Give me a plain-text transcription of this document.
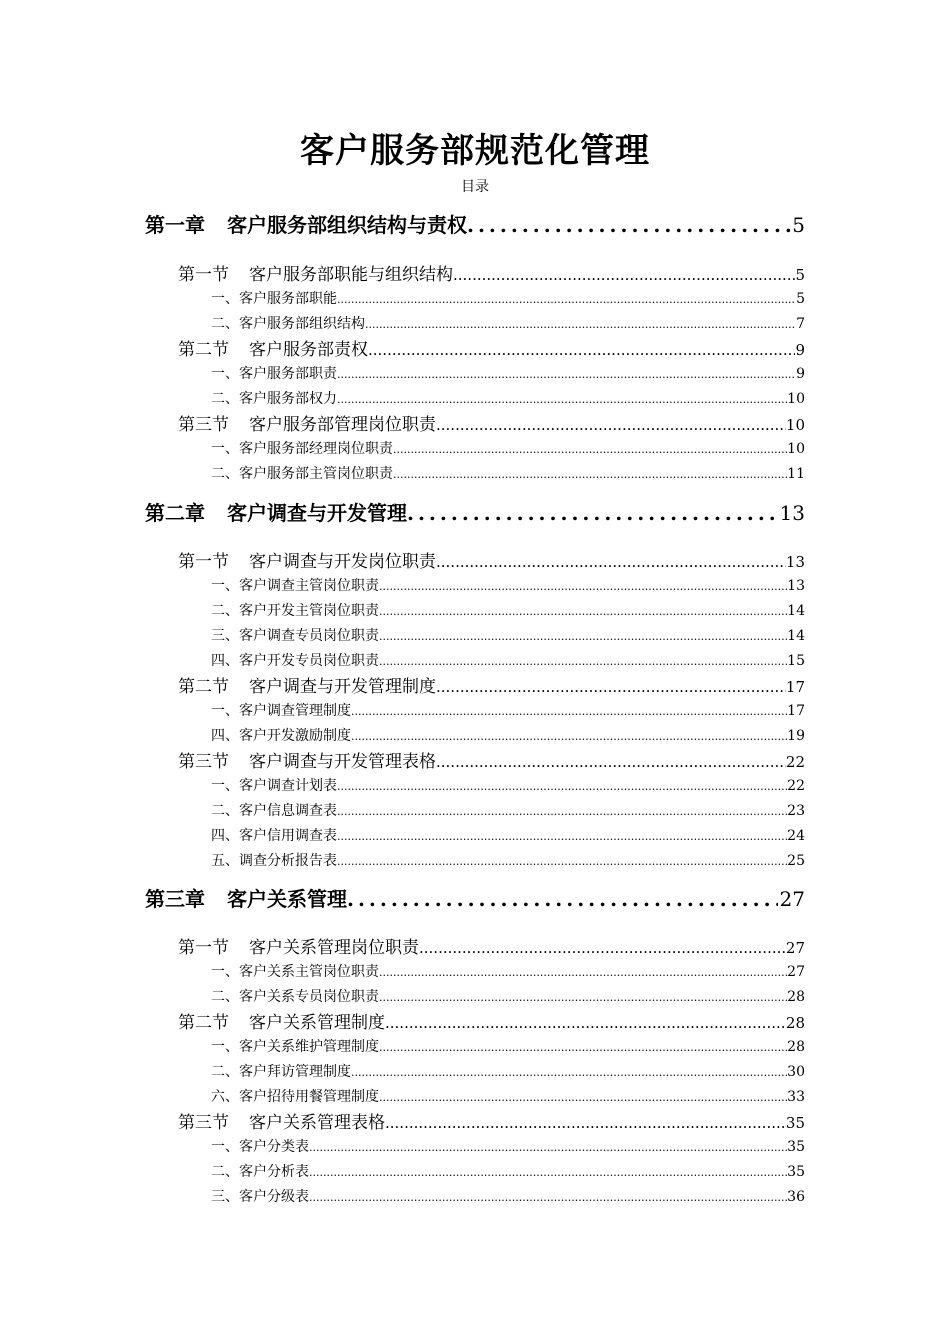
客户服务部规范化管理
目录
第一章 客户服务部组织结构与责权 .....	5
第一节 客户服务部职能与组织结构 .....	5
一、客户服务部职能 .....	5
二、客户服务部组织结构 .....	7
第二节 客户服务部责权 .....	9
一、客户服务部职责 .....	9
二、客户服务部权力 .....	10
第三节 客户服务部管理岗位职责 .....	10
一、客户服务部经理岗位职责 .....	10
二、客户服务部主管岗位职责 .....	11
第二章 客户调查与开发管理 .....	13
第一节 客户调查与开发岗位职责 .....	13
一、客户调查主管岗位职责 .....	13
二、客户开发主管岗位职责 .....	14
三、客户调查专员岗位职责 .....	14
四、客户开发专员岗位职责 .....	15
第二节 客户调查与开发管理制度 .....	17
一、客户调查管理制度 .....	17
四、客户开发激励制度 .....	19
第三节 客户调查与开发管理表格 .....	22
一、客户调查计划表 .....	22
二、客户信息调查表 .....	23
四、客户信用调查表 .....	24
五、调查分析报告表 .....	25
第三章 客户关系管理 .....	27
第一节 客户关系管理岗位职责 .....	27
一、客户关系主管岗位职责 .....	27
二、客户关系专员岗位职责 .....	28
第二节 客户关系管理制度 .....	28
一、客户关系维护管理制度 .....	28
二、客户拜访管理制度 .....	30
六、客户招待用餐管理制度 .....	33
第三节 客户关系管理表格 .....	35
一、客户分类表 .....	35
二、客户分析表 .....	35
三、客户分级表 .....	36
